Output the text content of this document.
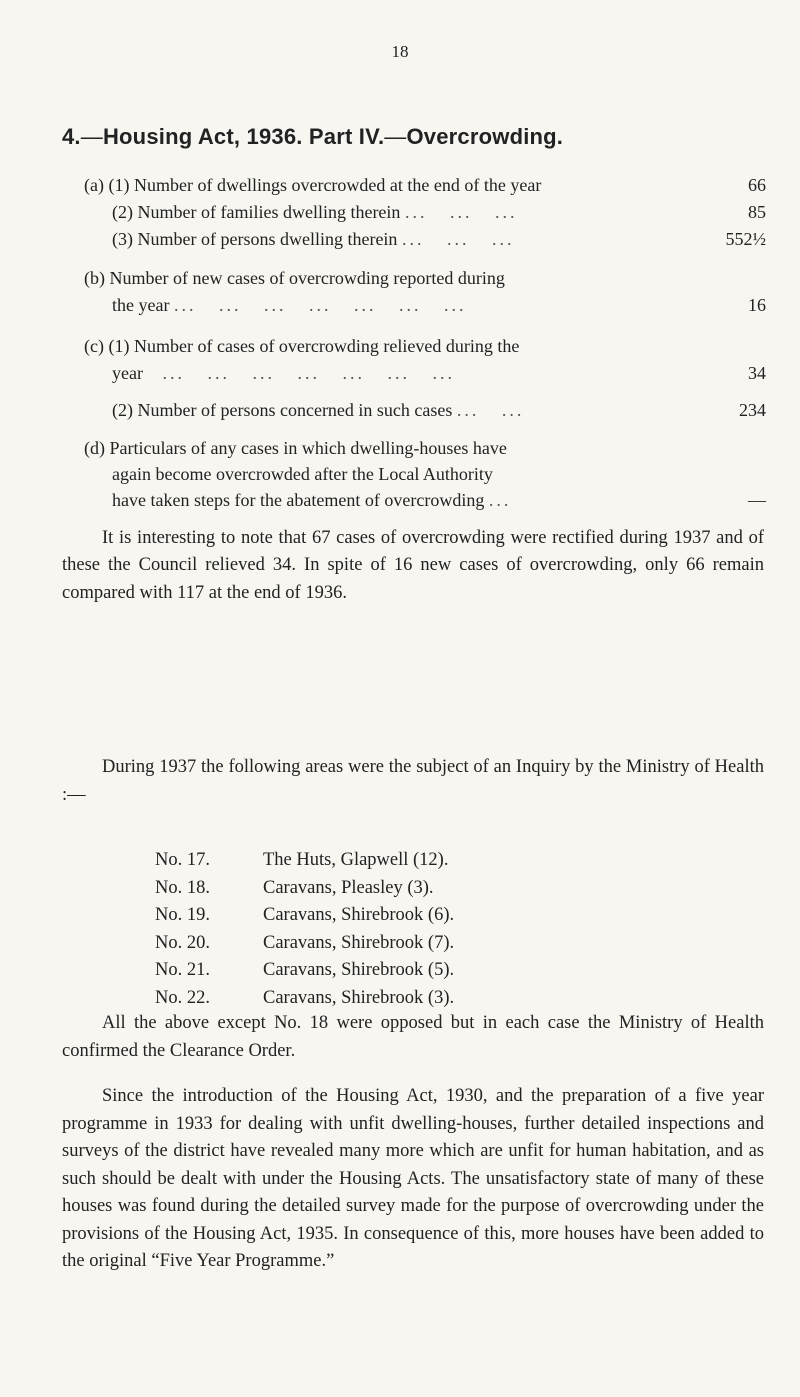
18
4.—Housing Act, 1936. Part IV.—Overcrowding.
(a) (1) Number of dwellings overcrowded at the end of the year	66
(2) Number of families dwelling therein ...   ...   ...	85
(3) Number of persons dwelling therein ...   ...   ...	552½
(b) Number of new cases of overcrowding reported during
the year ...   ...   ...   ...   ...   ...   ...	16
(c) (1) Number of cases of overcrowding relieved during the
year   ...   ...   ...   ...   ...   ...   ...	34
(2) Number of persons concerned in such cases ...   ...	234
(d) Particulars of any cases in which dwelling-houses have
again become overcrowded after the Local Authority
have taken steps for the abatement of overcrowding ...	—

It is interesting to note that 67 cases of overcrowding were rectified during 1937 and of these the Council relieved 34. In spite of 16 new cases of overcrowding, only 66 remain compared with 117 at the end of 1936.

During 1937 the following areas were the subject of an Inquiry by the Ministry of Health :—

No. 17.	The Huts, Glapwell (12).
No. 18.	Caravans, Pleasley (3).
No. 19.	Caravans, Shirebrook (6).
No. 20.	Caravans, Shirebrook (7).
No. 21.	Caravans, Shirebrook (5).
No. 22.	Caravans, Shirebrook (3).

All the above except No. 18 were opposed but in each case the Ministry of Health confirmed the Clearance Order.

Since the introduction of the Housing Act, 1930, and the preparation of a five year programme in 1933 for dealing with unfit dwelling-houses, further detailed inspections and surveys of the district have revealed many more which are unfit for human habitation, and as such should be dealt with under the Housing Acts. The unsatisfactory state of many of these houses was found during the detailed survey made for the purpose of overcrowding under the provisions of the Housing Act, 1935. In consequence of this, more houses have been added to the original “Five Year Programme.”
